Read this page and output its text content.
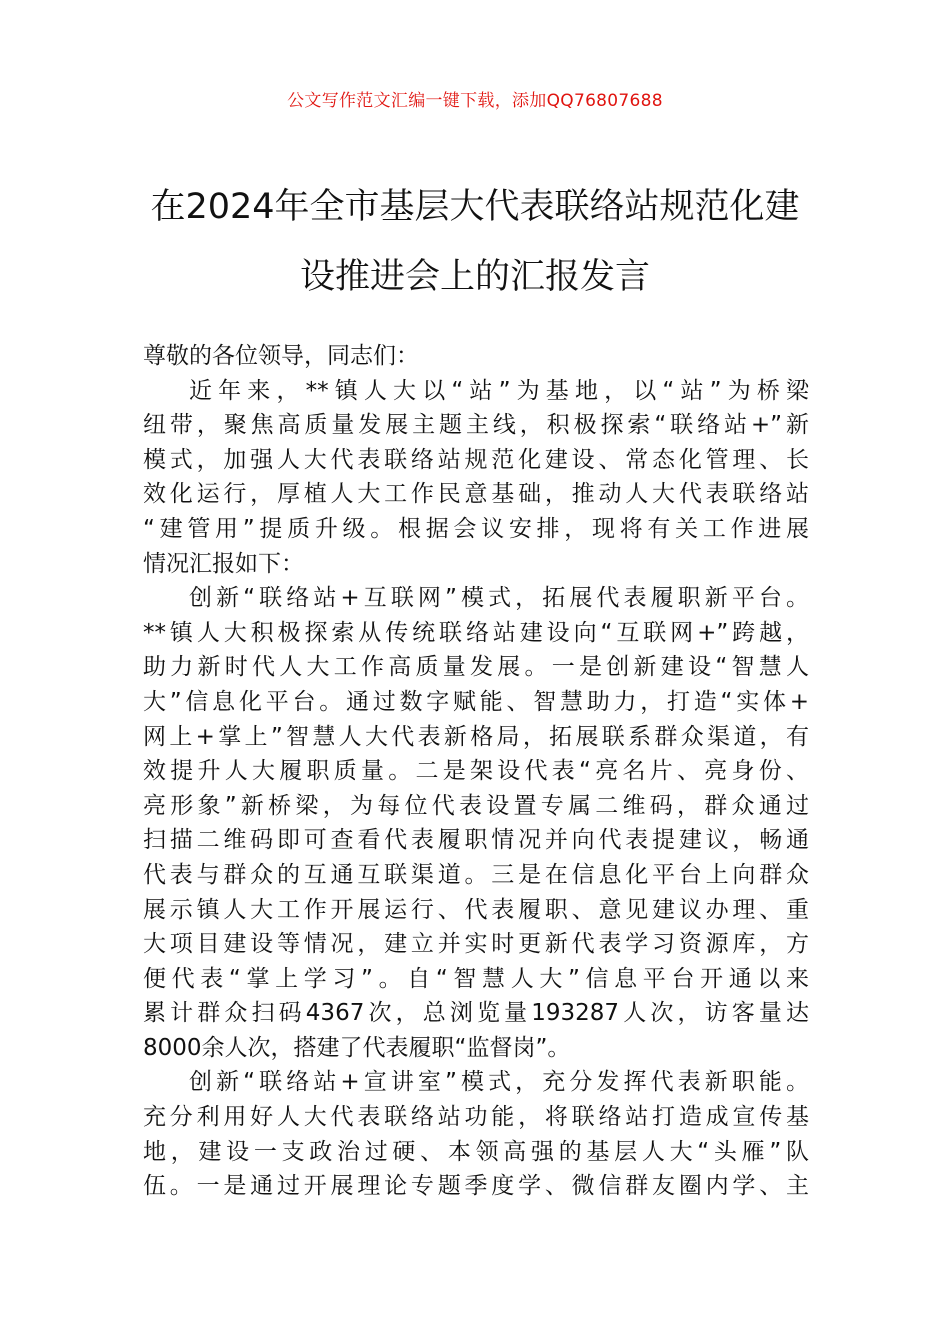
公文写作范文汇编一键下载，添加QQ76807688
在2024年全市基层大代表联络站规范化建
设推进会上的汇报发言
尊敬的各位领导，同志们：
近年来，**镇人大以“站”为基地，以“站”为桥梁
纽带，聚焦高质量发展主题主线，积极探索“联络站+”新
模式，加强人大代表联络站规范化建设、常态化管理、长
效化运行，厚植人大工作民意基础，推动人大代表联络站
“建管用”提质升级。根据会议安排，现将有关工作进展
情况汇报如下：
创新“联络站+互联网”模式，拓展代表履职新平台。
**镇人大积极探索从传统联络站建设向“互联网+”跨越，
助力新时代人大工作高质量发展。一是创新建设“智慧人
大”信息化平台。通过数字赋能、智慧助力，打造“实体+
网上+掌上”智慧人大代表新格局，拓展联系群众渠道，有
效提升人大履职质量。二是架设代表“亮名片、亮身份、
亮形象”新桥梁，为每位代表设置专属二维码，群众通过
扫描二维码即可查看代表履职情况并向代表提建议，畅通
代表与群众的互通互联渠道。三是在信息化平台上向群众
展示镇人大工作开展运行、代表履职、意见建议办理、重
大项目建设等情况，建立并实时更新代表学习资源库，方
便代表“掌上学习”。自“智慧人大”信息平台开通以来
累计群众扫码4367次，总浏览量193287人次，访客量达
8000余人次，搭建了代表履职“监督岗”。
创新“联络站+宣讲室”模式，充分发挥代表新职能。
充分利用好人大代表联络站功能，将联络站打造成宣传基
地，建设一支政治过硬、本领高强的基层人大“头雁”队
伍。一是通过开展理论专题季度学、微信群友圈内学、主
